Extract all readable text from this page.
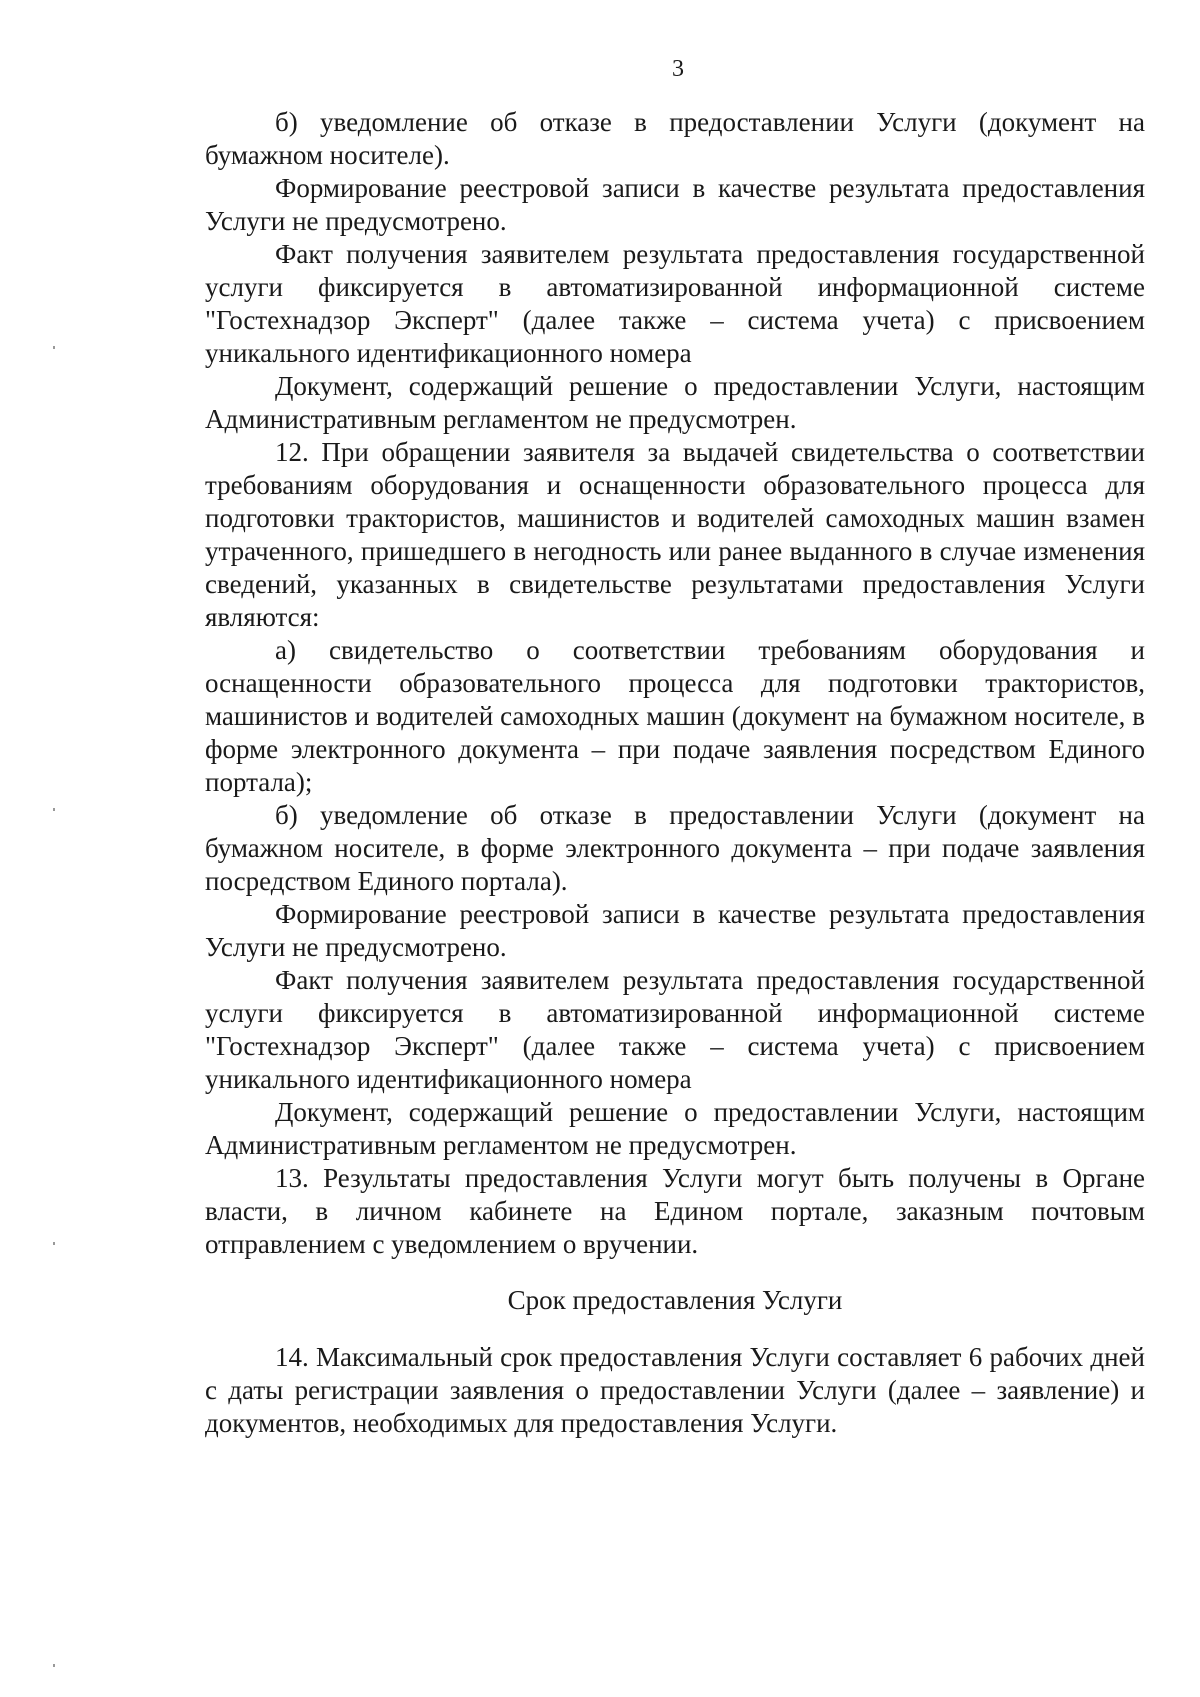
3

б) уведомление об отказе в предоставлении Услуги (документ на бумажном носителе).

Формирование реестровой записи в качестве результата предоставления Услуги не предусмотрено.

Факт получения заявителем результата предоставления государственной услуги фиксируется в автоматизированной информационной системе "Гостехнадзор Эксперт" (далее также – система учета) с присвоением уникального идентификационного номера

Документ, содержащий решение о предоставлении Услуги, настоящим Административным регламентом не предусмотрен.

12. При обращении заявителя за выдачей свидетельства о соответствии требованиям оборудования и оснащенности образовательного процесса для подготовки трактористов, машинистов и водителей самоходных машин взамен утраченного, пришедшего в негодность или ранее выданного в случае изменения сведений, указанных в свидетельстве результатами предоставления Услуги являются:

а) свидетельство о соответствии требованиям оборудования и оснащенности образовательного процесса для подготовки трактористов, машинистов и водителей самоходных машин (документ на бумажном носителе, в форме электронного документа – при подаче заявления посредством Единого портала);

б) уведомление об отказе в предоставлении Услуги (документ на бумажном носителе, в форме электронного документа – при подаче заявления посредством Единого портала).

Формирование реестровой записи в качестве результата предоставления Услуги не предусмотрено.

Факт получения заявителем результата предоставления государственной услуги фиксируется в автоматизированной информационной системе "Гостехнадзор Эксперт" (далее также – система учета) с присвоением уникального идентификационного номера

Документ, содержащий решение о предоставлении Услуги, настоящим Административным регламентом не предусмотрен.

13. Результаты предоставления Услуги могут быть получены в Органе власти, в личном кабинете на Едином портале, заказным почтовым отправлением с уведомлением о вручении.

Срок предоставления Услуги

14. Максимальный срок предоставления Услуги составляет 6 рабочих дней с даты регистрации заявления о предоставлении Услуги (далее – заявление) и документов, необходимых для предоставления Услуги.
